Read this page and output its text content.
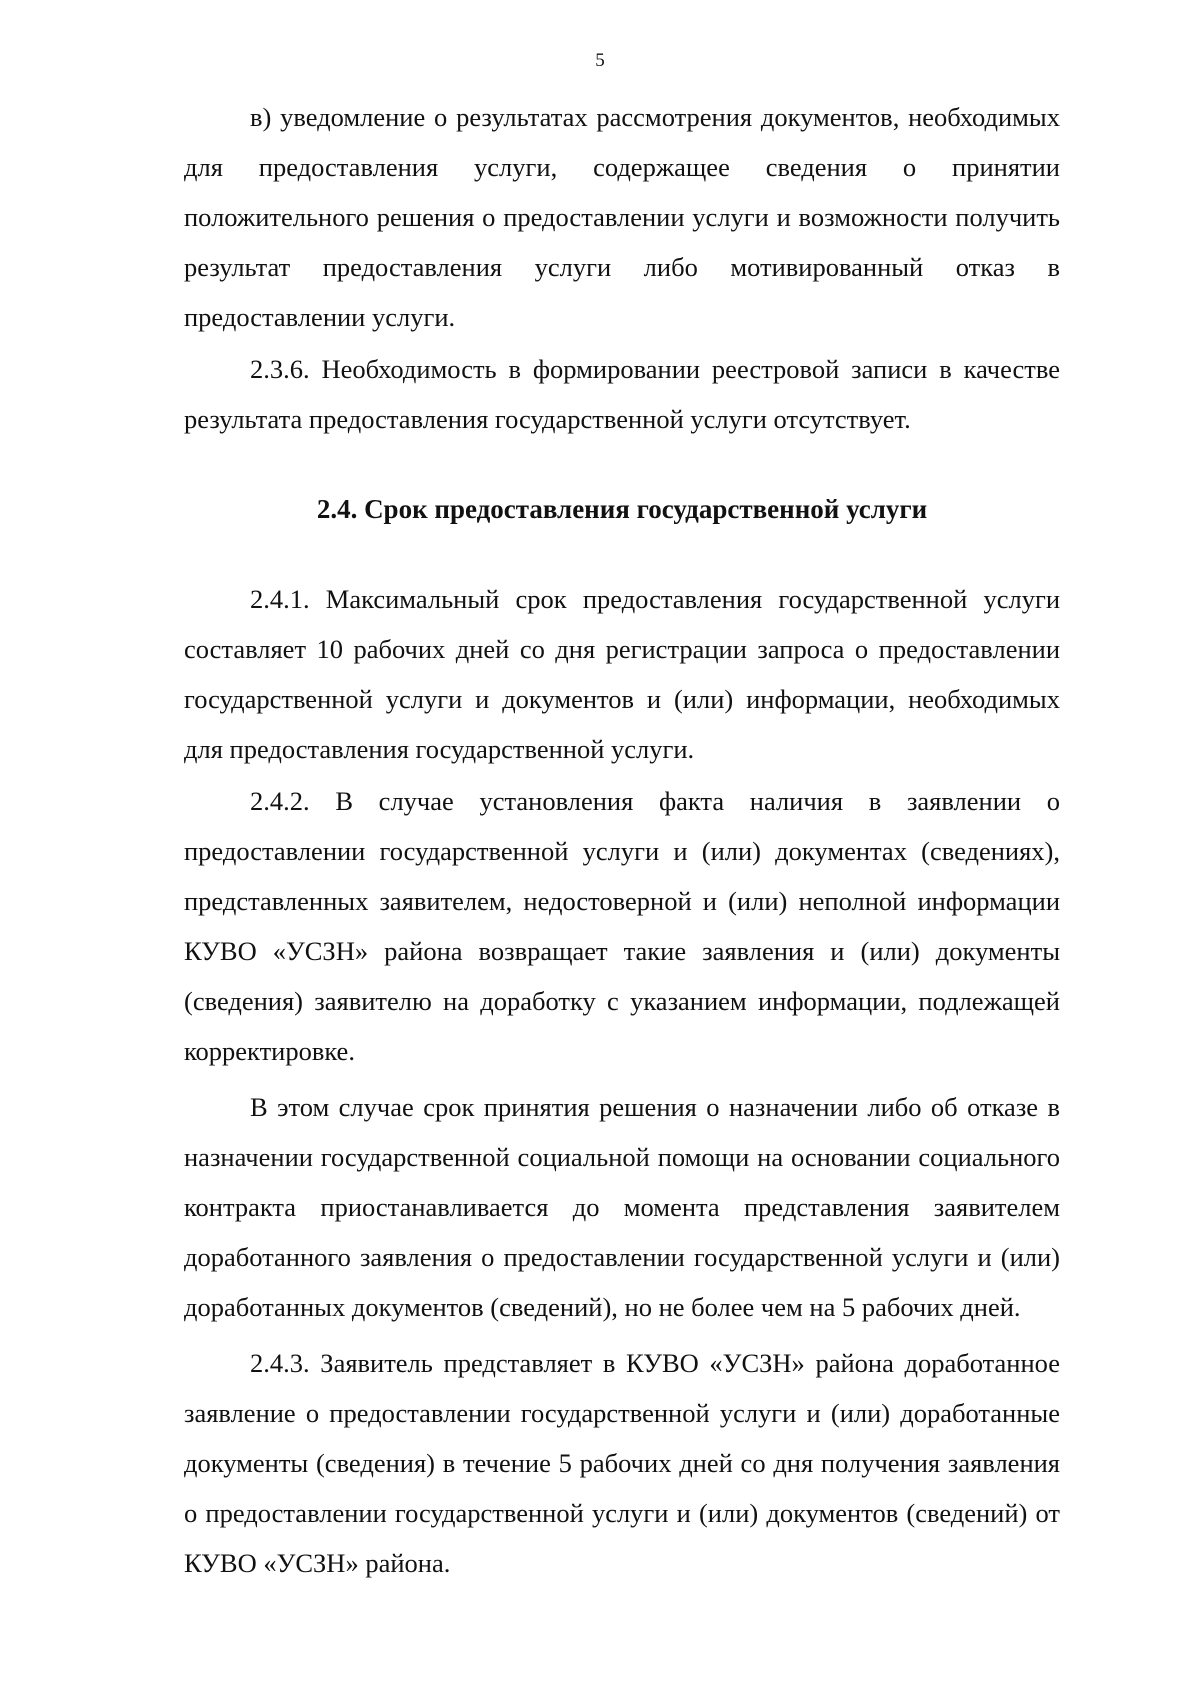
5

в) уведомление о результатах рассмотрения документов, необходимых для предоставления услуги, содержащее сведения о принятии положительного решения о предоставлении услуги и возможности получить результат предоставления услуги либо мотивированный отказ в предоставлении услуги.

2.3.6. Необходимость в формировании реестровой записи в качестве результата предоставления государственной услуги отсутствует.

2.4. Срок предоставления государственной услуги

2.4.1. Максимальный срок предоставления государственной услуги составляет 10 рабочих дней со дня регистрации запроса о предоставлении государственной услуги и документов и (или) информации, необходимых для предоставления государственной услуги.

2.4.2. В случае установления факта наличия в заявлении о предоставлении государственной услуги и (или) документах (сведениях), представленных заявителем, недостоверной и (или) неполной информации КУВО «УСЗН» района возвращает такие заявления и (или) документы (сведения) заявителю на доработку с указанием информации, подлежащей корректировке.

В этом случае срок принятия решения о назначении либо об отказе в назначении государственной социальной помощи на основании социального контракта приостанавливается до момента представления заявителем доработанного заявления о предоставлении государственной услуги и (или) доработанных документов (сведений), но не более чем на 5 рабочих дней.

2.4.3. Заявитель представляет в КУВО «УСЗН» района доработанное заявление о предоставлении государственной услуги и (или) доработанные документы (сведения) в течение 5 рабочих дней со дня получения заявления о предоставлении государственной услуги и (или) документов (сведений) от КУВО «УСЗН» района.
